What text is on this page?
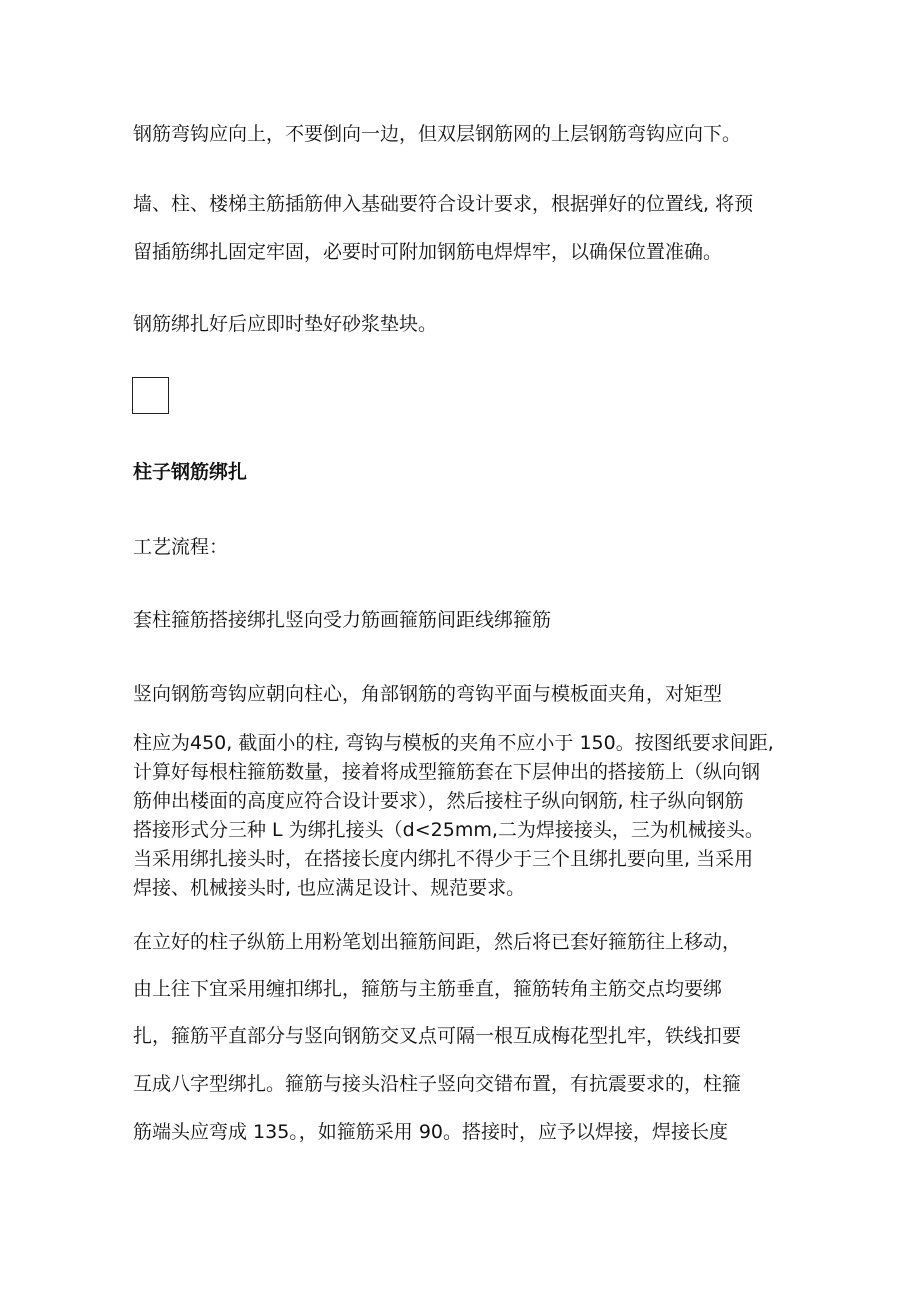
钢筋弯钩应向上，不要倒向一边，但双层钢筋网的上层钢筋弯钩应向下。

墙、柱、楼梯主筋插筋伸入基础要符合设计要求，根据弹好的位置线, 将预

留插筋绑扎固定牢固，必要时可附加钢筋电焊焊牢，以确保位置准确。

钢筋绑扎好后应即时垫好砂浆垫块。

柱子钢筋绑扎

工艺流程：

套柱箍筋搭接绑扎竖向受力筋画箍筋间距线绑箍筋

竖向钢筋弯钩应朝向柱心，角部钢筋的弯钩平面与模板面夹角，对矩型

柱应为450, 截面小的柱, 弯钩与模板的夹角不应小于 150。按图纸要求间距,
计算好每根柱箍筋数量，接着将成型箍筋套在下层伸出的搭接筋上（纵向钢
筋伸出楼面的高度应符合设计要求），然后接柱子纵向钢筋, 柱子纵向钢筋
搭接形式分三种 L 为绑扎接头（d<25mm,二为焊接接头，三为机械接头。
当采用绑扎接头时，在搭接长度内绑扎不得少于三个且绑扎要向里, 当采用
焊接、机械接头时, 也应满足设计、规范要求。

在立好的柱子纵筋上用粉笔划出箍筋间距，然后将已套好箍筋往上移动，

由上往下宜采用缠扣绑扎，箍筋与主筋垂直，箍筋转角主筋交点均要绑

扎，箍筋平直部分与竖向钢筋交叉点可隔一根互成梅花型扎牢，铁线扣要

互成八字型绑扎。箍筋与接头沿柱子竖向交错布置，有抗震要求的，柱箍

筋端头应弯成 135。，如箍筋采用 90。搭接时，应予以焊接，焊接长度
